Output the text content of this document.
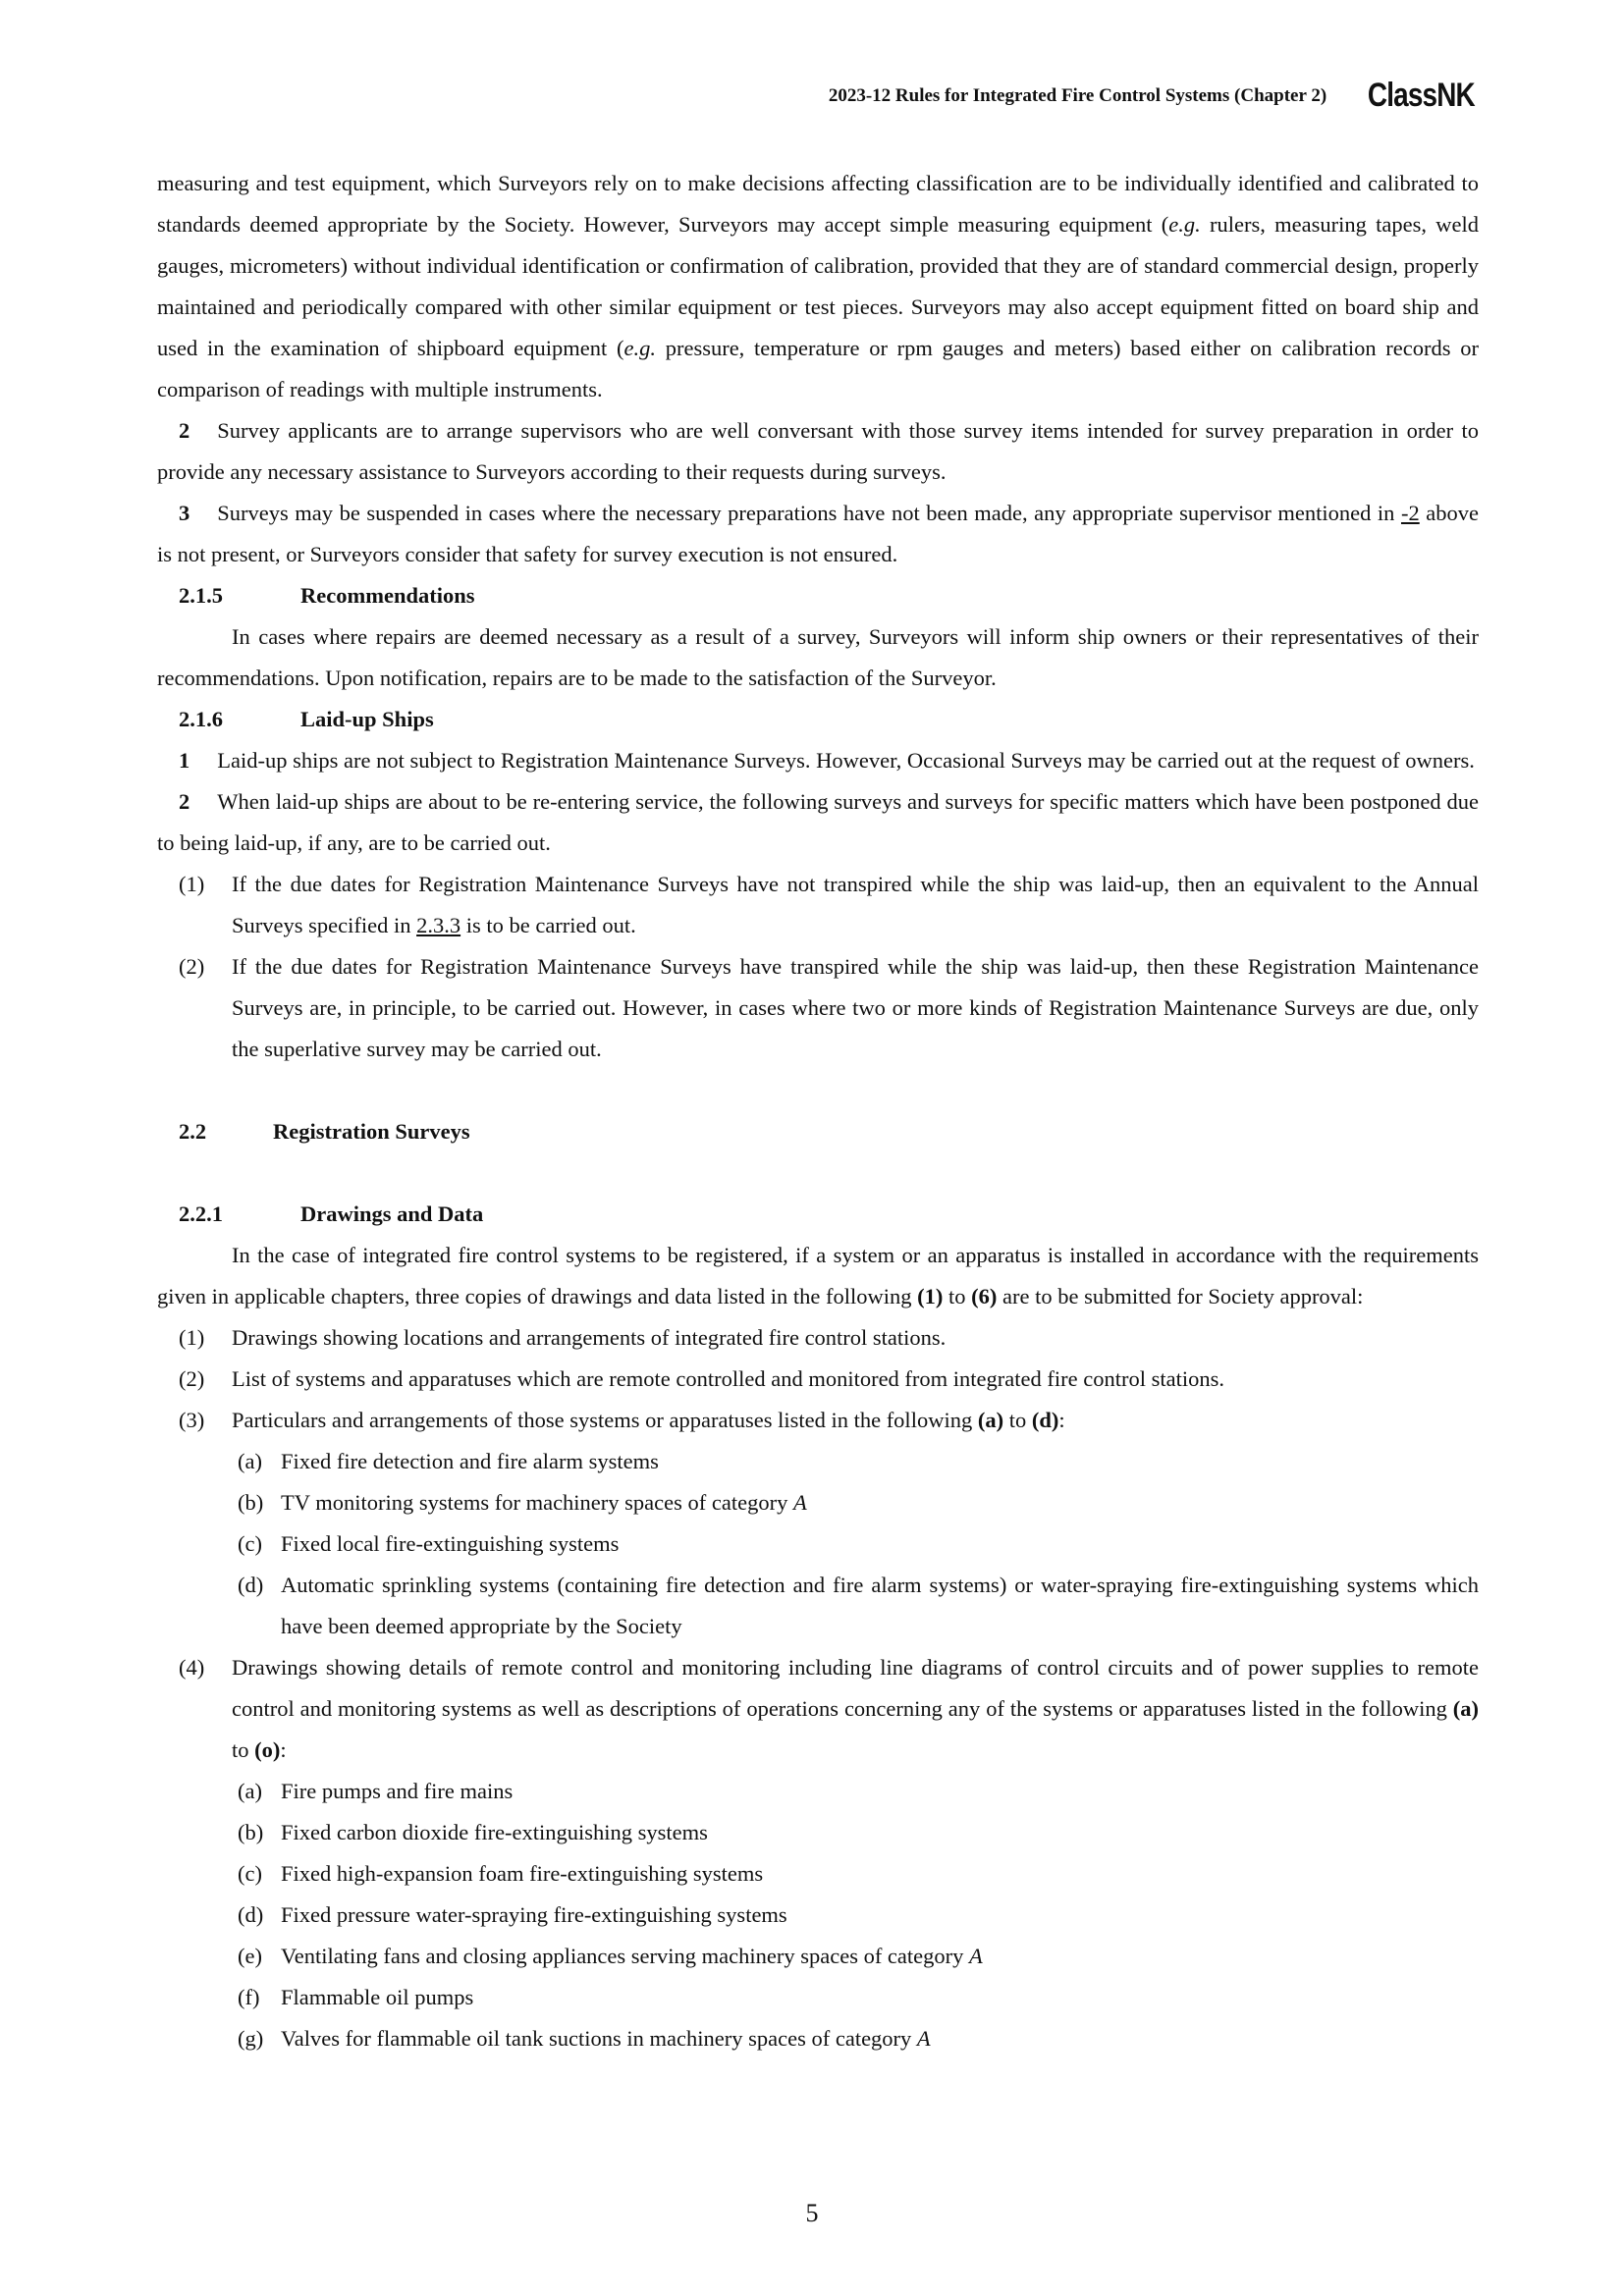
2023-12 Rules for Integrated Fire Control Systems (Chapter 2) ClassNK

measuring and test equipment, which Surveyors rely on to make decisions affecting classification are to be individually identified and calibrated to standards deemed appropriate by the Society. However, Surveyors may accept simple measuring equipment (e.g. rulers, measuring tapes, weld gauges, micrometers) without individual identification or confirmation of calibration, provided that they are of standard commercial design, properly maintained and periodically compared with other similar equipment or test pieces. Surveyors may also accept equipment fitted on board ship and used in the examination of shipboard equipment (e.g. pressure, temperature or rpm gauges and meters) based either on calibration records or comparison of readings with multiple instruments.

2 Survey applicants are to arrange supervisors who are well conversant with those survey items intended for survey preparation in order to provide any necessary assistance to Surveyors according to their requests during surveys.

3 Surveys may be suspended in cases where the necessary preparations have not been made, any appropriate supervisor mentioned in -2 above is not present, or Surveyors consider that safety for survey execution is not ensured.

2.1.5	Recommendations

In cases where repairs are deemed necessary as a result of a survey, Surveyors will inform ship owners or their representatives of their recommendations. Upon notification, repairs are to be made to the satisfaction of the Surveyor.

2.1.6	Laid-up Ships

1 Laid-up ships are not subject to Registration Maintenance Surveys. However, Occasional Surveys may be carried out at the request of owners.

2 When laid-up ships are about to be re-entering service, the following surveys and surveys for specific matters which have been postponed due to being laid-up, if any, are to be carried out.

(1) If the due dates for Registration Maintenance Surveys have not transpired while the ship was laid-up, then an equivalent to the Annual Surveys specified in 2.3.3 is to be carried out.

(2) If the due dates for Registration Maintenance Surveys have transpired while the ship was laid-up, then these Registration Maintenance Surveys are, in principle, to be carried out. However, in cases where two or more kinds of Registration Maintenance Surveys are due, only the superlative survey may be carried out.

2.2	Registration Surveys
2.2.1	Drawings and Data

In the case of integrated fire control systems to be registered, if a system or an apparatus is installed in accordance with the requirements given in applicable chapters, three copies of drawings and data listed in the following (1) to (6) are to be submitted for Society approval:

(1) Drawings showing locations and arrangements of integrated fire control stations.

(2) List of systems and apparatuses which are remote controlled and monitored from integrated fire control stations.

(3) Particulars and arrangements of those systems or apparatuses listed in the following (a) to (d):

(a) Fixed fire detection and fire alarm systems

(b) TV monitoring systems for machinery spaces of category A

(c) Fixed local fire-extinguishing systems

(d) Automatic sprinkling systems (containing fire detection and fire alarm systems) or water-spraying fire-extinguishing systems which have been deemed appropriate by the Society

(4) Drawings showing details of remote control and monitoring including line diagrams of control circuits and of power supplies to remote control and monitoring systems as well as descriptions of operations concerning any of the systems or apparatuses listed in the following (a) to (o):

(a) Fire pumps and fire mains

(b) Fixed carbon dioxide fire-extinguishing systems

(c) Fixed high-expansion foam fire-extinguishing systems

(d) Fixed pressure water-spraying fire-extinguishing systems

(e) Ventilating fans and closing appliances serving machinery spaces of category A

(f) Flammable oil pumps

(g) Valves for flammable oil tank suctions in machinery spaces of category A

5
